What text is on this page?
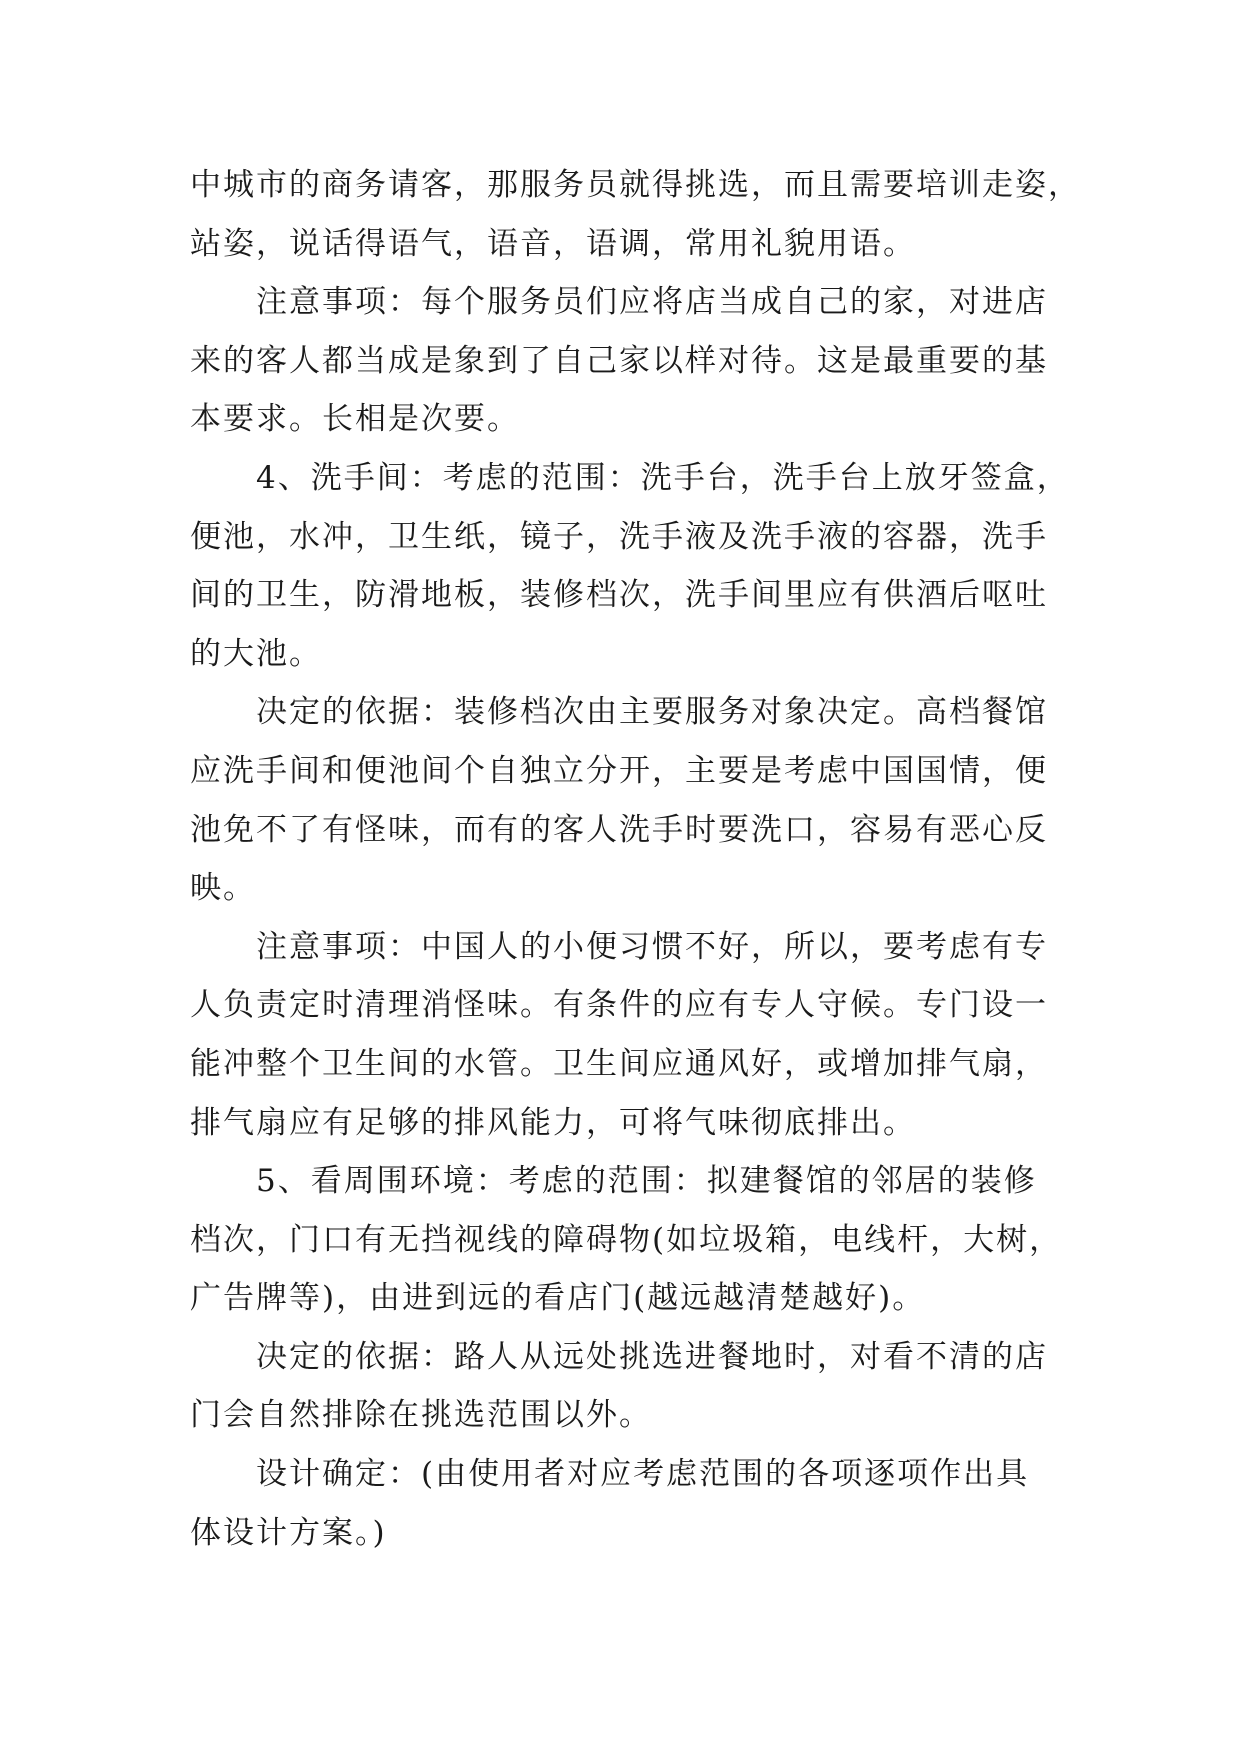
中城市的商务请客，那服务员就得挑选，而且需要培训走姿，
站姿，说话得语气，语音，语调，常用礼貌用语。
注意事项：每个服务员们应将店当成自己的家，对进店
来的客人都当成是象到了自己家以样对待。这是最重要的基
本要求。长相是次要。
4、洗手间：考虑的范围：洗手台，洗手台上放牙签盒，
便池，水冲，卫生纸，镜子，洗手液及洗手液的容器，洗手
间的卫生，防滑地板，装修档次，洗手间里应有供酒后呕吐
的大池。
决定的依据：装修档次由主要服务对象决定。高档餐馆
应洗手间和便池间个自独立分开，主要是考虑中国国情，便
池免不了有怪味，而有的客人洗手时要洗口，容易有恶心反
映。
注意事项：中国人的小便习惯不好，所以，要考虑有专
人负责定时清理消怪味。有条件的应有专人守候。专门设一
能冲整个卫生间的水管。卫生间应通风好，或增加排气扇，
排气扇应有足够的排风能力，可将气味彻底排出。
5、看周围环境：考虑的范围：拟建餐馆的邻居的装修
档次，门口有无挡视线的障碍物(如垃圾箱，电线杆，大树，
广告牌等)，由进到远的看店门(越远越清楚越好)。
决定的依据：路人从远处挑选进餐地时，对看不清的店
门会自然排除在挑选范围以外。
设计确定：(由使用者对应考虑范围的各项逐项作出具
体设计方案。)
